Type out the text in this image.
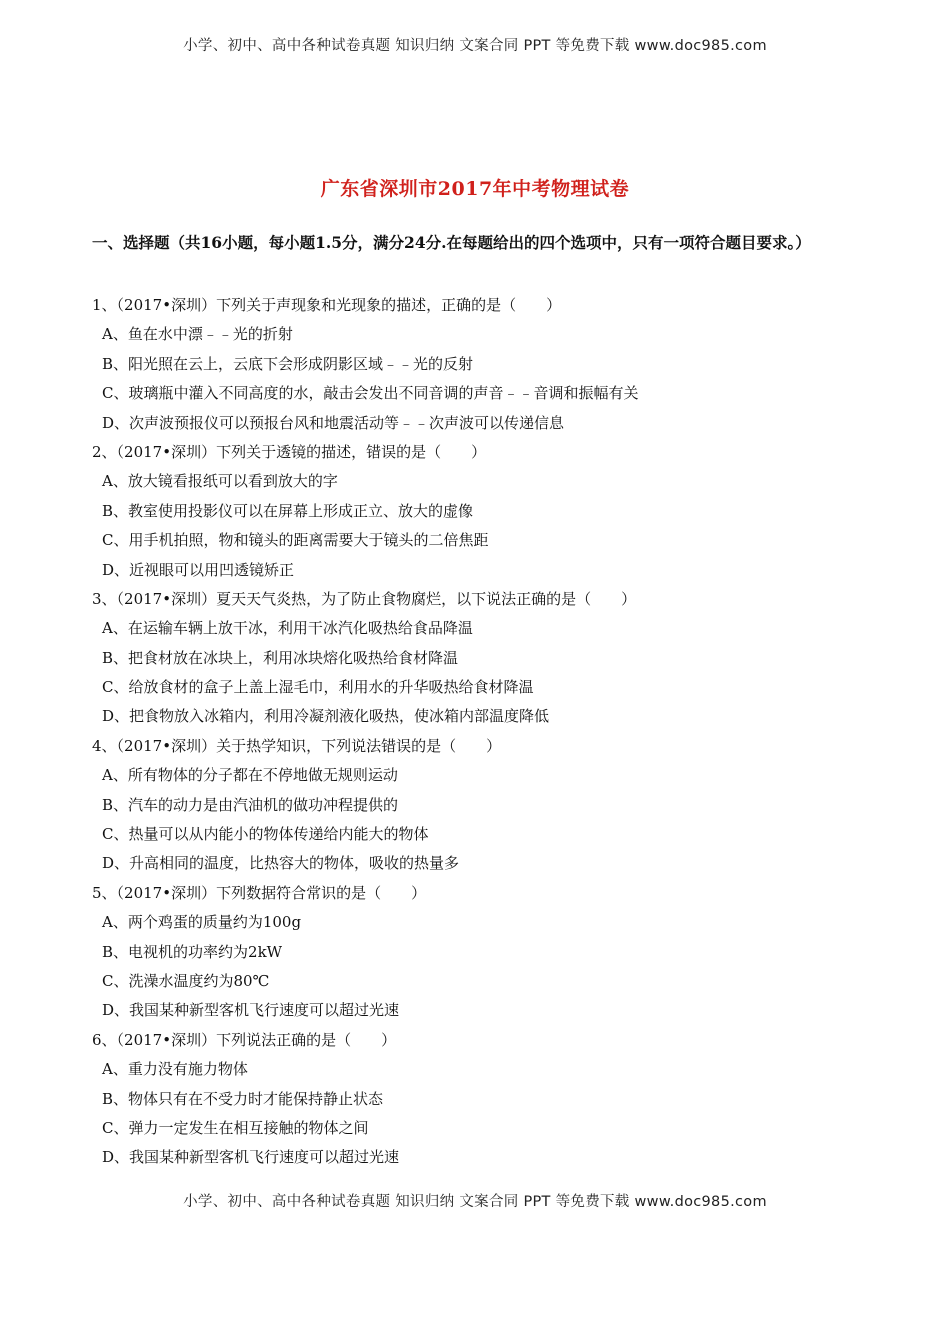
小学、初中、高中各种试卷真题 知识归纳 文案合同 PPT 等免费下载 www.doc985.com
广东省深圳市2017年中考物理试卷
一、选择题（共16小题，每小题1.5分，满分24分.在每题给出的四个选项中，只有一项符合题目要求。）
1、（2017•深圳）下列关于声现象和光现象的描述，正确的是（　　）
A、鱼在水中漂﹣﹣光的折射
B、阳光照在云上，云底下会形成阴影区域﹣﹣光的反射
C、玻璃瓶中灌入不同高度的水，敲击会发出不同音调的声音﹣﹣音调和振幅有关
D、次声波预报仪可以预报台风和地震活动等﹣﹣次声波可以传递信息
2、（2017•深圳）下列关于透镜的描述，错误的是（　　）
A、放大镜看报纸可以看到放大的字
B、教室使用投影仪可以在屏幕上形成正立、放大的虚像
C、用手机拍照，物和镜头的距离需要大于镜头的二倍焦距
D、近视眼可以用凹透镜矫正
3、（2017•深圳）夏天天气炎热，为了防止食物腐烂，以下说法正确的是（　　）
A、在运输车辆上放干冰，利用干冰汽化吸热给食品降温
B、把食材放在冰块上，利用冰块熔化吸热给食材降温
C、给放食材的盒子上盖上湿毛巾，利用水的升华吸热给食材降温
D、把食物放入冰箱内，利用冷凝剂液化吸热，使冰箱内部温度降低
4、（2017•深圳）关于热学知识，下列说法错误的是（　　）
A、所有物体的分子都在不停地做无规则运动
B、汽车的动力是由汽油机的做功冲程提供的
C、热量可以从内能小的物体传递给内能大的物体
D、升高相同的温度，比热容大的物体，吸收的热量多
5、（2017•深圳）下列数据符合常识的是（　　）
A、两个鸡蛋的质量约为100g
B、电视机的功率约为2kW
C、洗澡水温度约为80℃
D、我国某种新型客机飞行速度可以超过光速
6、（2017•深圳）下列说法正确的是（　　）
A、重力没有施力物体
B、物体只有在不受力时才能保持静止状态
C、弹力一定发生在相互接触的物体之间
D、我国某种新型客机飞行速度可以超过光速
小学、初中、高中各种试卷真题 知识归纳 文案合同 PPT 等免费下载 www.doc985.com
